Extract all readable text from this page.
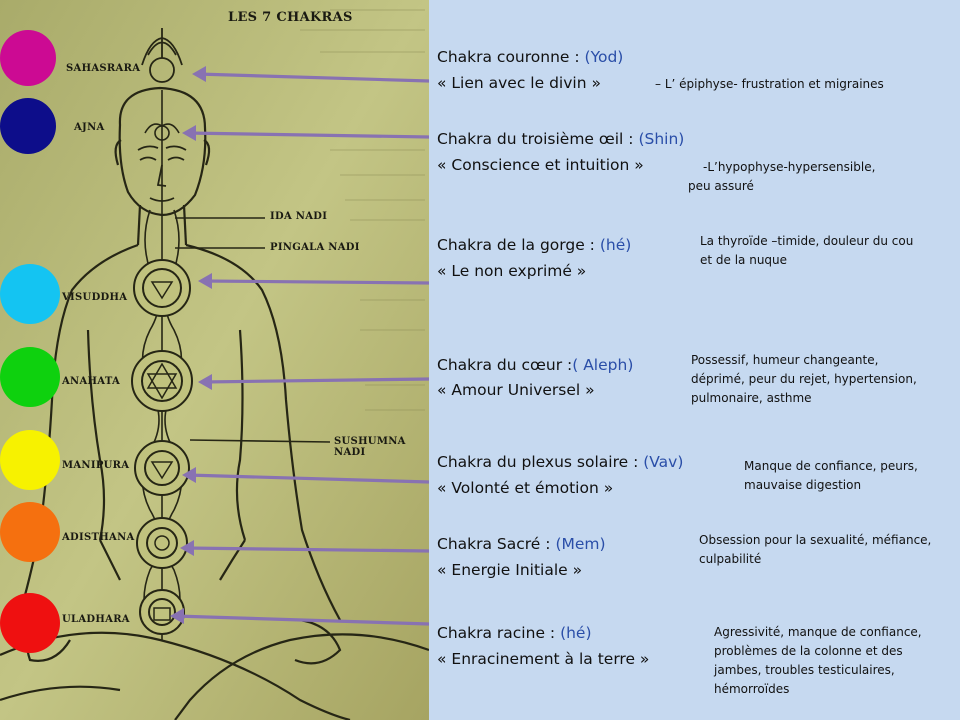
LES 7 CHAKRAS
SAHASRARA
AJNA
IDA NADI
PINGALA NADI
VISUDDHA
ANAHATA
SUSHUMNA NADI
MANIPURA
ADISTHANA
ULADHARA
Chakra couronne : (Yod)
« Lien avec le divin »	– L’ épiphyse- frustration et migraines
Chakra du troisième œil : (Shin)
« Conscience et intuition »	-L’hypophyse-hypersensible,
peu assuré
Chakra de la gorge : (hé)
« Le non exprimé »
La thyroïde –timide, douleur du cou
et de la nuque
Chakra du cœur :( Aleph)
« Amour Universel »
Possessif, humeur changeante,
déprimé, peur du rejet, hypertension,
pulmonaire, asthme
Chakra du plexus solaire : (Vav)
« Volonté et émotion »
Manque de confiance, peurs,
mauvaise digestion
Chakra Sacré : (Mem)
« Energie Initiale »
Obsession pour la sexualité, méfiance,
culpabilité
Chakra racine : (hé)
« Enracinement à la terre »
Agressivité, manque de confiance,
problèmes de la colonne et des
jambes, troubles testiculaires,
hémorroïdes
